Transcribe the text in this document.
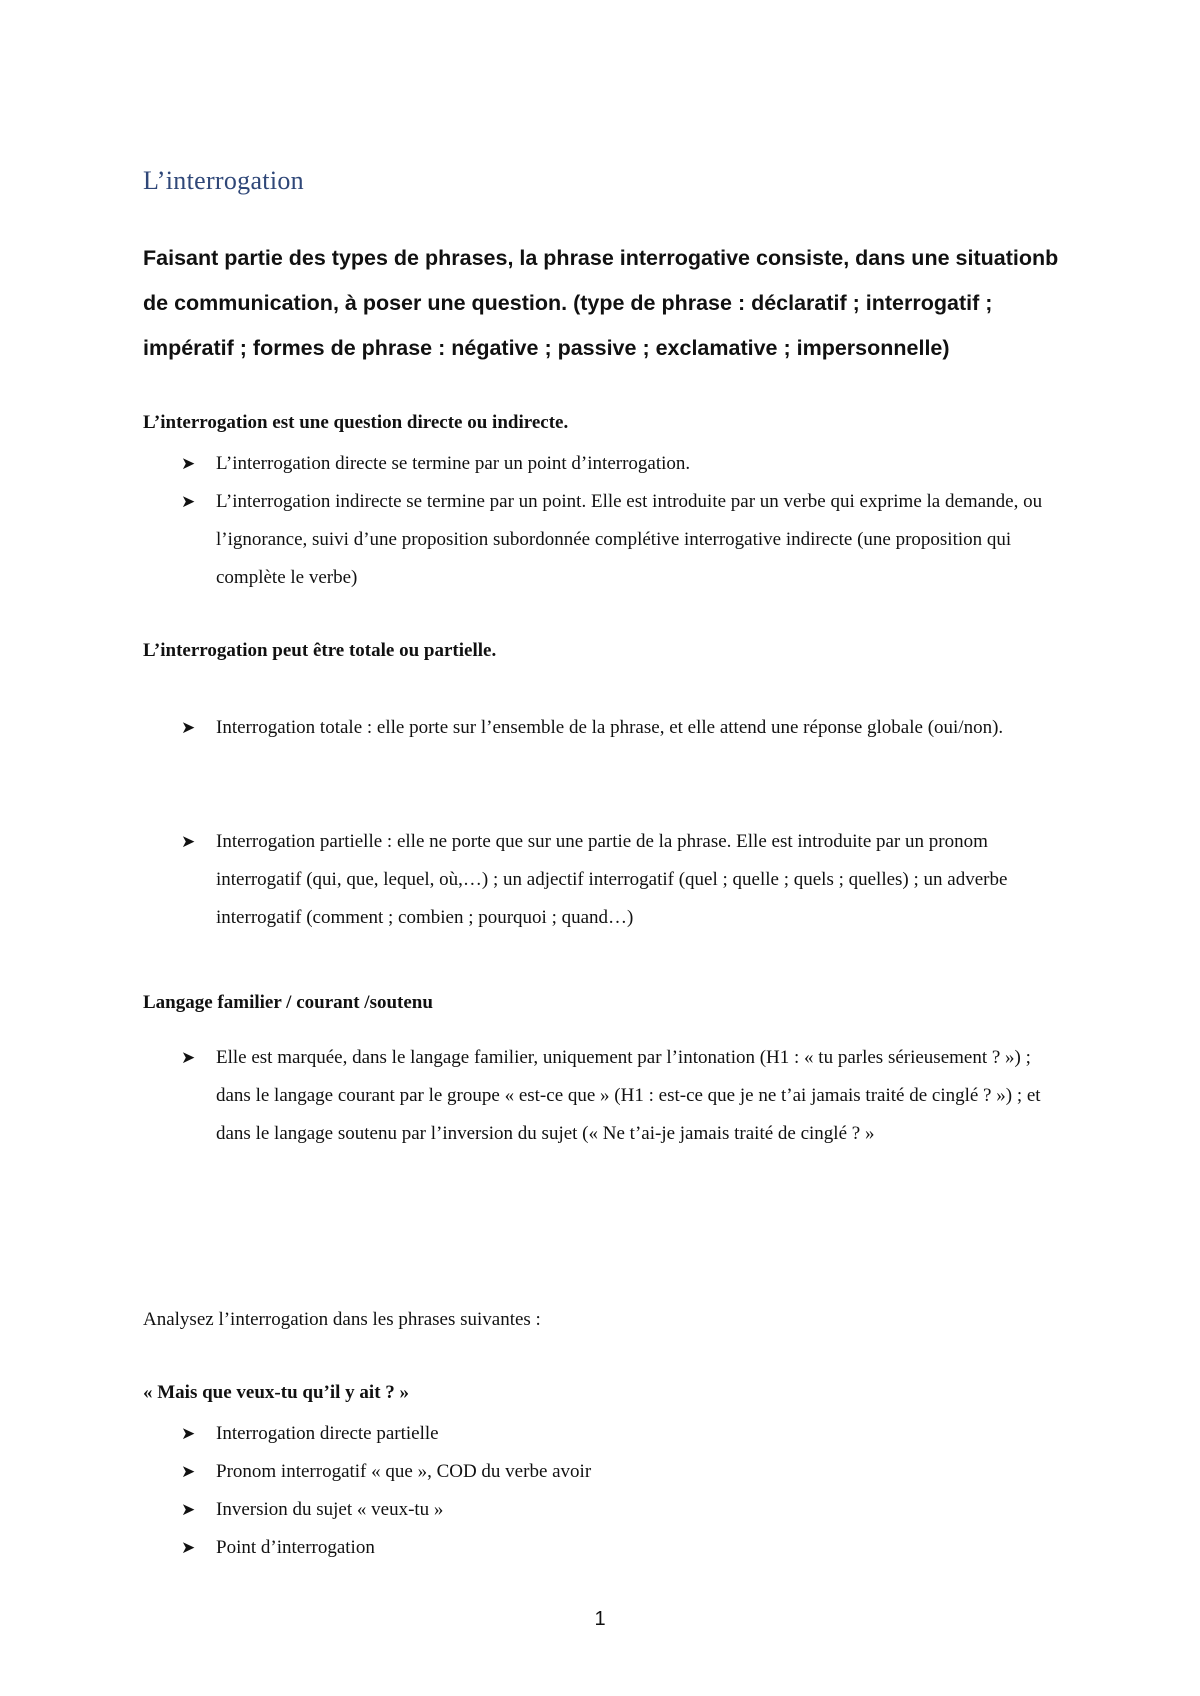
L’interrogation

Faisant partie des types de phrases, la phrase interrogative consiste, dans une situationb de communication, à poser une question. (type de phrase : déclaratif ; interrogatif ; impératif ; formes de phrase : négative ; passive ; exclamative ; impersonnelle)

L’interrogation est une question directe ou indirecte.

➤ L’interrogation directe se termine par un point d’interrogation.
➤ L’interrogation indirecte se termine par un point. Elle est introduite par un verbe qui exprime la demande, ou l’ignorance, suivi d’une proposition subordonnée complétive interrogative indirecte (une proposition qui complète le verbe)

L’interrogation peut être totale ou partielle.

➤ Interrogation totale : elle porte sur l’ensemble de la phrase, et elle attend une réponse globale (oui/non).
➤ Interrogation partielle : elle ne porte que sur une partie de la phrase. Elle est introduite par un pronom interrogatif (qui, que, lequel, où,…) ; un adjectif interrogatif (quel ; quelle ; quels ; quelles) ; un adverbe interrogatif (comment ; combien ; pourquoi ; quand…)

Langage familier / courant /soutenu

➤ Elle est marquée, dans le langage familier, uniquement par l’intonation (H1 : « tu parles sérieusement ? ») ; dans le langage courant par le groupe « est-ce que » (H1 : est-ce que je ne t’ai jamais traité de cinglé ? ») ; et dans le langage soutenu par l’inversion du sujet (« Ne t’ai-je jamais traité de cinglé ? »

Analysez l’interrogation dans les phrases suivantes :

« Mais que veux-tu qu’il y ait ? »

➤ Interrogation directe partielle
➤ Pronom interrogatif « que », COD du verbe avoir
➤ Inversion du sujet « veux-tu »
➤ Point d’interrogation
1
